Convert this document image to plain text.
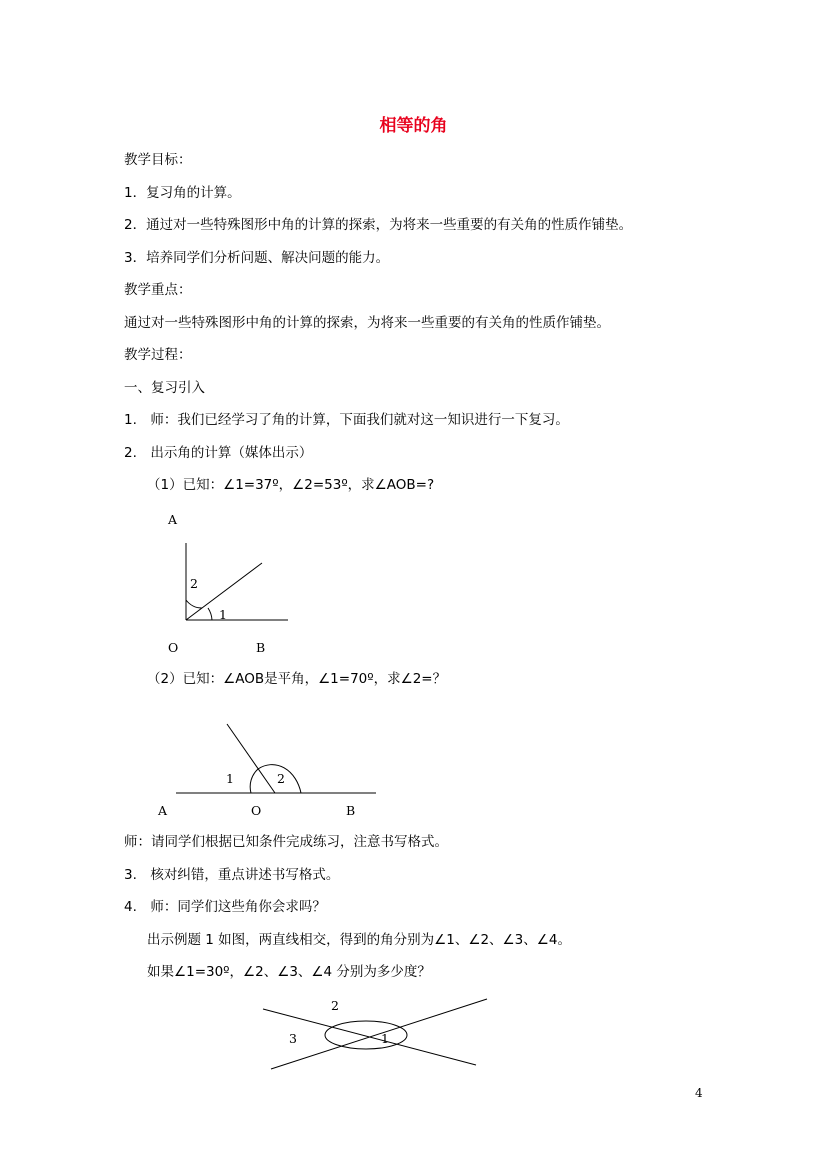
相等的角
教学目标：
1．复习角的计算。
2．通过对一些特殊图形中角的计算的探索，为将来一些重要的有关角的性质作铺垫。
3．培养同学们分析问题、解决问题的能力。
教学重点：
通过对一些特殊图形中角的计算的探索，为将来一些重要的有关角的性质作铺垫。
教学过程：
一、复习引入
1.　师：我们已经学习了角的计算，下面我们就对这一知识进行一下复习。
2.　出示角的计算（媒体出示）
（1）已知：∠1=37º，∠2=53º，求∠AOB=?
A
2
1
O	B
（2）已知：∠AOB是平角，∠1=70º，求∠2=？
1	2
A	O	B
师：请同学们根据已知条件完成练习，注意书写格式。
3.　核对纠错，重点讲述书写格式。
4.　师：同学们这些角你会求吗？
出示例题 1 如图，两直线相交，得到的角分别为∠1、∠2、∠3、∠4。
如果∠1=30º，∠2、∠3、∠4 分别为多少度？
2
3	1
4
